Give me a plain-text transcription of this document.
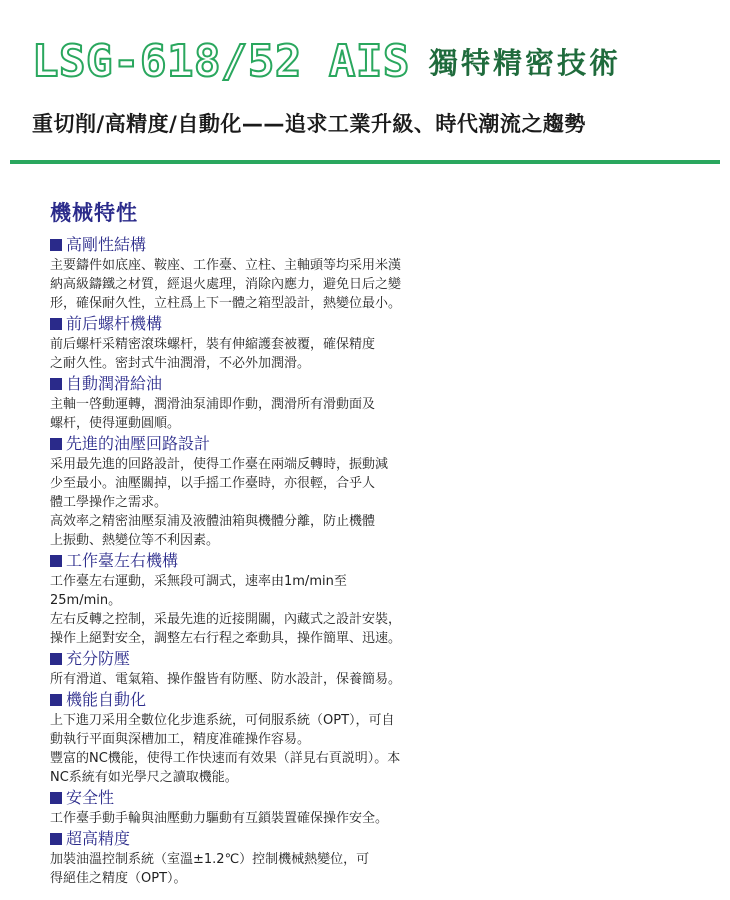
LSG-618/52 AIS 獨特精密技術
重切削/高精度/自動化——追求工業升級、時代潮流之趨勢
機械特性
高剛性結構
主要鑄件如底座、鞍座、工作臺、立柱、主軸頭等均采用米漢
納高級鑄鐵之材質，經退火處理，消除內應力，避免日后之變
形，確保耐久性，立柱爲上下一體之箱型設計，熱變位最小。
前后螺杆機構
前后螺杆采精密滾珠螺杆，裝有伸縮護套被覆，確保精度
之耐久性。密封式牛油潤滑，不必外加潤滑。
自動潤滑給油
主軸一啓動運轉，潤滑油泵浦即作動，潤滑所有滑動面及
螺杆，使得運動圓順。
先進的油壓回路設計
采用最先進的回路設計，使得工作臺在兩端反轉時，振動減
少至最小。油壓關掉，以手摇工作臺時，亦很輕，合乎人
體工學操作之需求。
高效率之精密油壓泵浦及液體油箱與機體分離，防止機體
上振動、熱變位等不利因素。
工作臺左右機構
工作臺左右運動，采無段可調式，速率由1m/min至
25m/min。
左右反轉之控制，采最先進的近接開關，內藏式之設計安裝，
操作上絕對安全，調整左右行程之牽動具，操作簡單、迅速。
充分防壓
所有滑道、電氣箱、操作盤皆有防壓、防水設計，保養簡易。
機能自動化
上下進刀采用全數位化步進系統，可伺服系統（OPT），可自
動執行平面與深槽加工，精度准確操作容易。
豐富的NC機能，使得工作快速而有效果（詳見右頁説明）。本
NC系統有如光學尺之讀取機能。
安全性
工作臺手動手輪與油壓動力驅動有互鎖裝置確保操作安全。
超高精度
加裝油溫控制系統（室溫±1.2℃）控制機械熱變位，可
得絕佳之精度（OPT）。
